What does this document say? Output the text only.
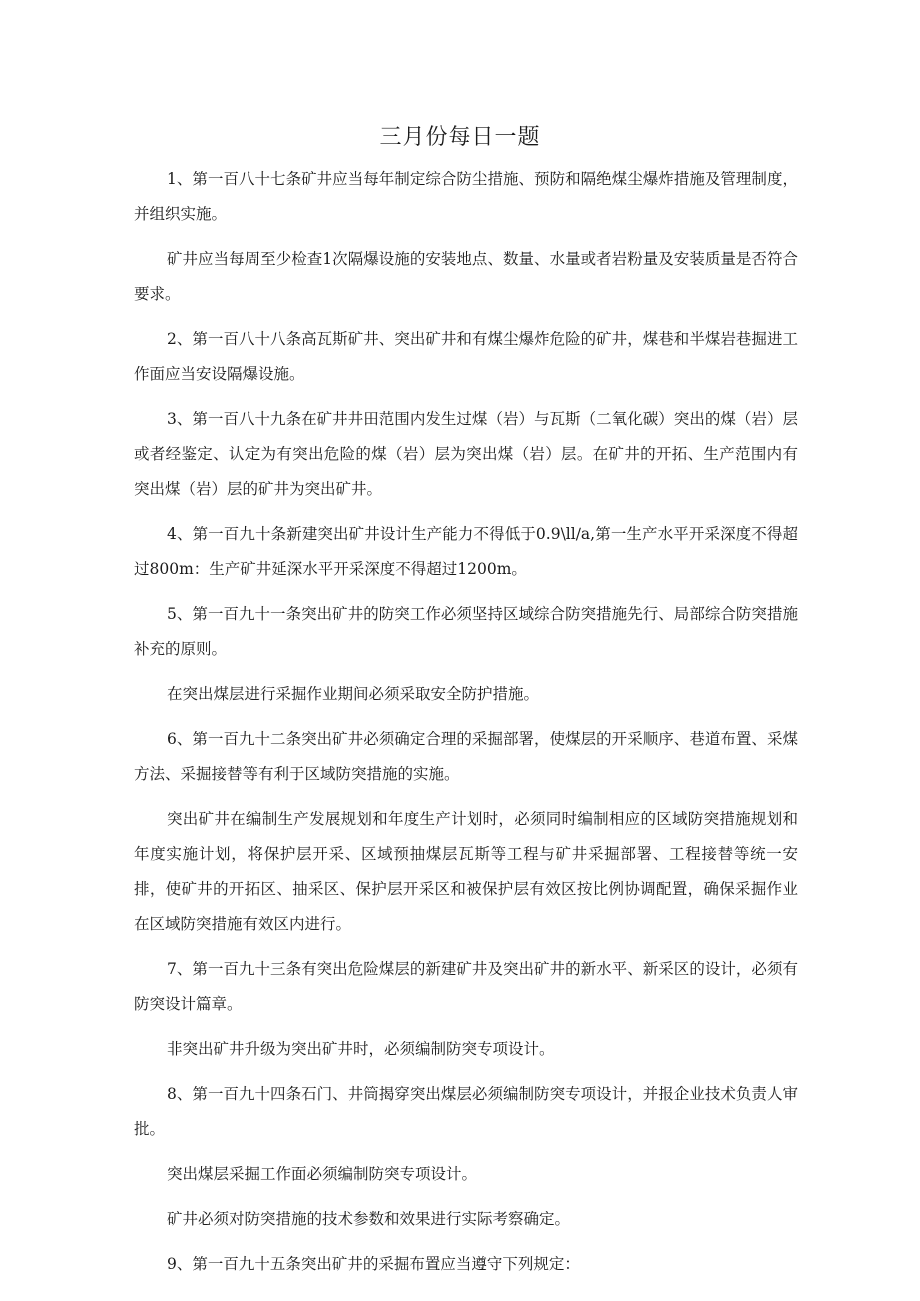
三月份每日一题

1、第一百八十七条矿井应当每年制定综合防尘措施、预防和隔绝煤尘爆炸措施及管理制度，并组织实施。

矿井应当每周至少检查1次隔爆设施的安装地点、数量、水量或者岩粉量及安装质量是否符合要求。

2、第一百八十八条高瓦斯矿井、突出矿井和有煤尘爆炸危险的矿井，煤巷和半煤岩巷掘进工作面应当安设隔爆设施。

3、第一百八十九条在矿井井田范围内发生过煤（岩）与瓦斯（二氧化碳）突出的煤（岩）层或者经鉴定、认定为有突出危险的煤（岩）层为突出煤（岩）层。在矿井的开拓、生产范围内有突出煤（岩）层的矿井为突出矿井。

4、第一百九十条新建突出矿井设计生产能力不得低于0.9\ll∕a,第一生产水平开采深度不得超过800m：生产矿井延深水平开采深度不得超过1200m。

5、第一百九十一条突出矿井的防突工作必须坚持区域综合防突措施先行、局部综合防突措施补充的原则。

在突出煤层进行采掘作业期间必须采取安全防护措施。

6、第一百九十二条突出矿井必须确定合理的采掘部署，使煤层的开采顺序、巷道布置、采煤方法、采掘接替等有利于区域防突措施的实施。

突出矿井在编制生产发展规划和年度生产计划时，必须同时编制相应的区域防突措施规划和年度实施计划，将保护层开采、区域预抽煤层瓦斯等工程与矿井采掘部署、工程接替等统一安排，使矿井的开拓区、抽采区、保护层开采区和被保护层有效区按比例协调配置，确保采掘作业在区域防突措施有效区内进行。

7、第一百九十三条有突出危险煤层的新建矿井及突出矿井的新水平、新采区的设计，必须有防突设计篇章。

非突出矿井升级为突出矿井时，必须编制防突专项设计。

8、第一百九十四条石门、井筒揭穿突出煤层必须编制防突专项设计，并报企业技术负责人审批。

突出煤层采掘工作面必须编制防突专项设计。

矿井必须对防突措施的技术参数和效果进行实际考察确定。

9、第一百九十五条突出矿井的采掘布置应当遵守下列规定：
